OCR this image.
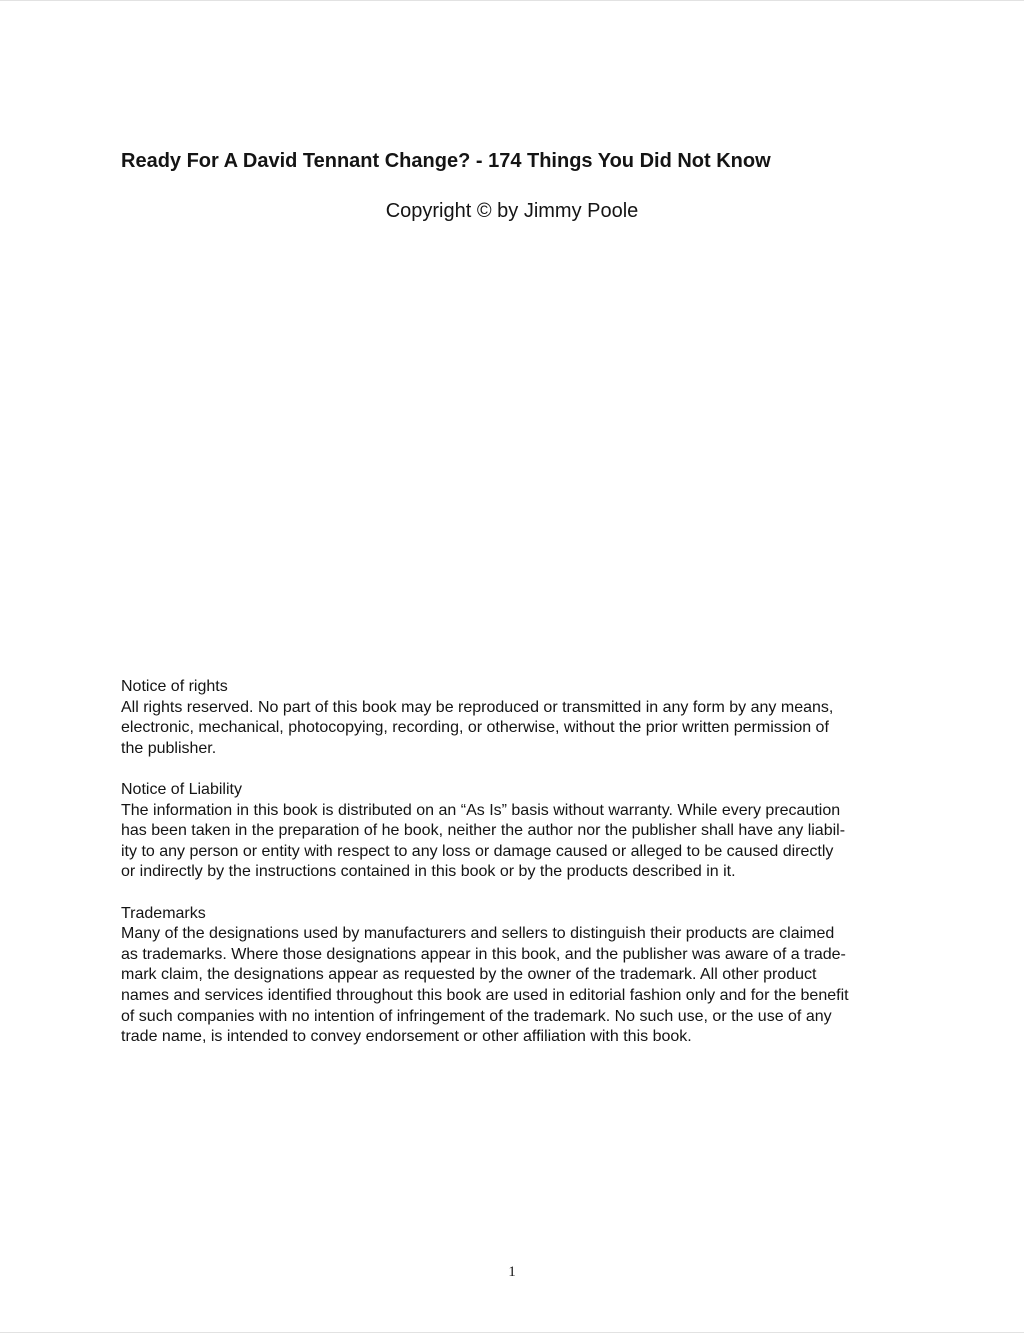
Ready For A David Tennant Change? - 174 Things You Did Not Know

Copyright © by Jimmy Poole

Notice of rights

All rights reserved. No part of this book may be reproduced or transmitted in any form by any means,
electronic, mechanical, photocopying, recording, or otherwise, without the prior written permission of
the publisher.

Notice of Liability

The information in this book is distributed on an “As Is” basis without warranty. While every precaution
has been taken in the preparation of he book, neither the author nor the publisher shall have any liabil-
ity to any person or entity with respect to any loss or damage caused or alleged to be caused directly
or indirectly by the instructions contained in this book or by the products described in it.

Trademarks

Many of the designations used by manufacturers and sellers to distinguish their products are claimed
as trademarks. Where those designations appear in this book, and the publisher was aware of a trade-
mark claim, the designations appear as requested by the owner of the trademark. All other product
names and services identified throughout this book are used in editorial fashion only and for the benefit
of such companies with no intention of infringement of the trademark. No such use, or the use of any
trade name, is intended to convey endorsement or other affiliation with this book.

1
